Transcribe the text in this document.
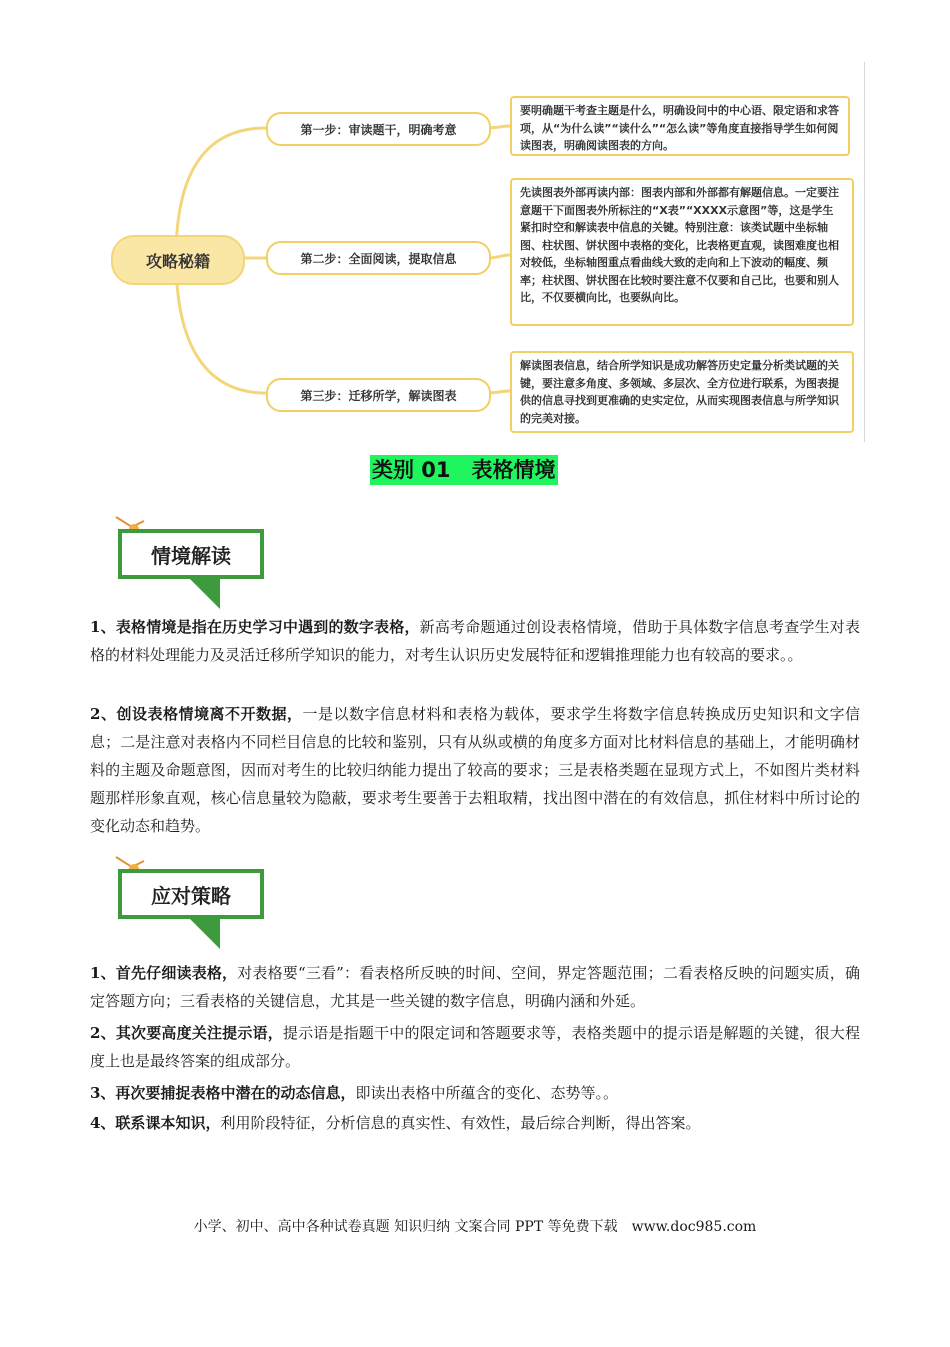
攻略秘籍
第一步：审读题干，明确考意
要明确题干考查主题是什么，明确设问中的中心语、限定语和求答项，从“为什么读”“读什么”“怎么读”等角度直接指导学生如何阅读图表，明确阅读图表的方向。
第二步：全面阅读，提取信息
先读图表外部再读内部：图表内部和外部都有解题信息。一定要注意题干下面图表外所标注的“X表”“XXXX示意图”等，这是学生紧扣时空和解读表中信息的关键。特别注意：该类试题中坐标轴图、柱状图、饼状图中表格的变化，比表格更直观，读图难度也相对较低，坐标轴图重点看曲线大致的走向和上下波动的幅度、频率；柱状图、饼状图在比较时要注意不仅要和自己比，也要和别人比，不仅要横向比，也要纵向比。
第三步：迁移所学，解读图表
解读图表信息，结合所学知识是成功解答历史定量分析类试题的关键，要注意多角度、多领域、多层次、全方位进行联系，为图表提供的信息寻找到更准确的史实定位，从而实现图表信息与所学知识的完美对接。
类别 01　表格情境
情境解读
1、表格情境是指在历史学习中遇到的数字表格，新高考命题通过创设表格情境，借助于具体数字信息考查学生对表格的材料处理能力及灵活迁移所学知识的能力，对考生认识历史发展特征和逻辑推理能力也有较高的要求。。
2、创设表格情境离不开数据，一是以数字信息材料和表格为载体，要求学生将数字信息转换成历史知识和文字信息；二是注意对表格内不同栏目信息的比较和鉴别，只有从纵或横的角度多方面对比材料信息的基础上，才能明确材料的主题及命题意图，因而对考生的比较归纳能力提出了较高的要求；三是表格类题在显现方式上，不如图片类材料题那样形象直观，核心信息量较为隐蔽，要求考生要善于去粗取精，找出图中潜在的有效信息，抓住材料中所讨论的变化动态和趋势。
应对策略
1、首先仔细读表格，对表格要“三看”：看表格所反映的时间、空间，界定答题范围；二看表格反映的问题实质，确定答题方向；三看表格的关键信息，尤其是一些关键的数字信息，明确内涵和外延。
2、其次要高度关注提示语，提示语是指题干中的限定词和答题要求等，表格类题中的提示语是解题的关键，很大程度上也是最终答案的组成部分。
3、再次要捕捉表格中潜在的动态信息，即读出表格中所蕴含的变化、态势等。。
4、联系课本知识，利用阶段特征，分析信息的真实性、有效性，最后综合判断，得出答案。
小学、初中、高中各种试卷真题 知识归纳 文案合同 PPT 等免费下载　www.doc985.com
